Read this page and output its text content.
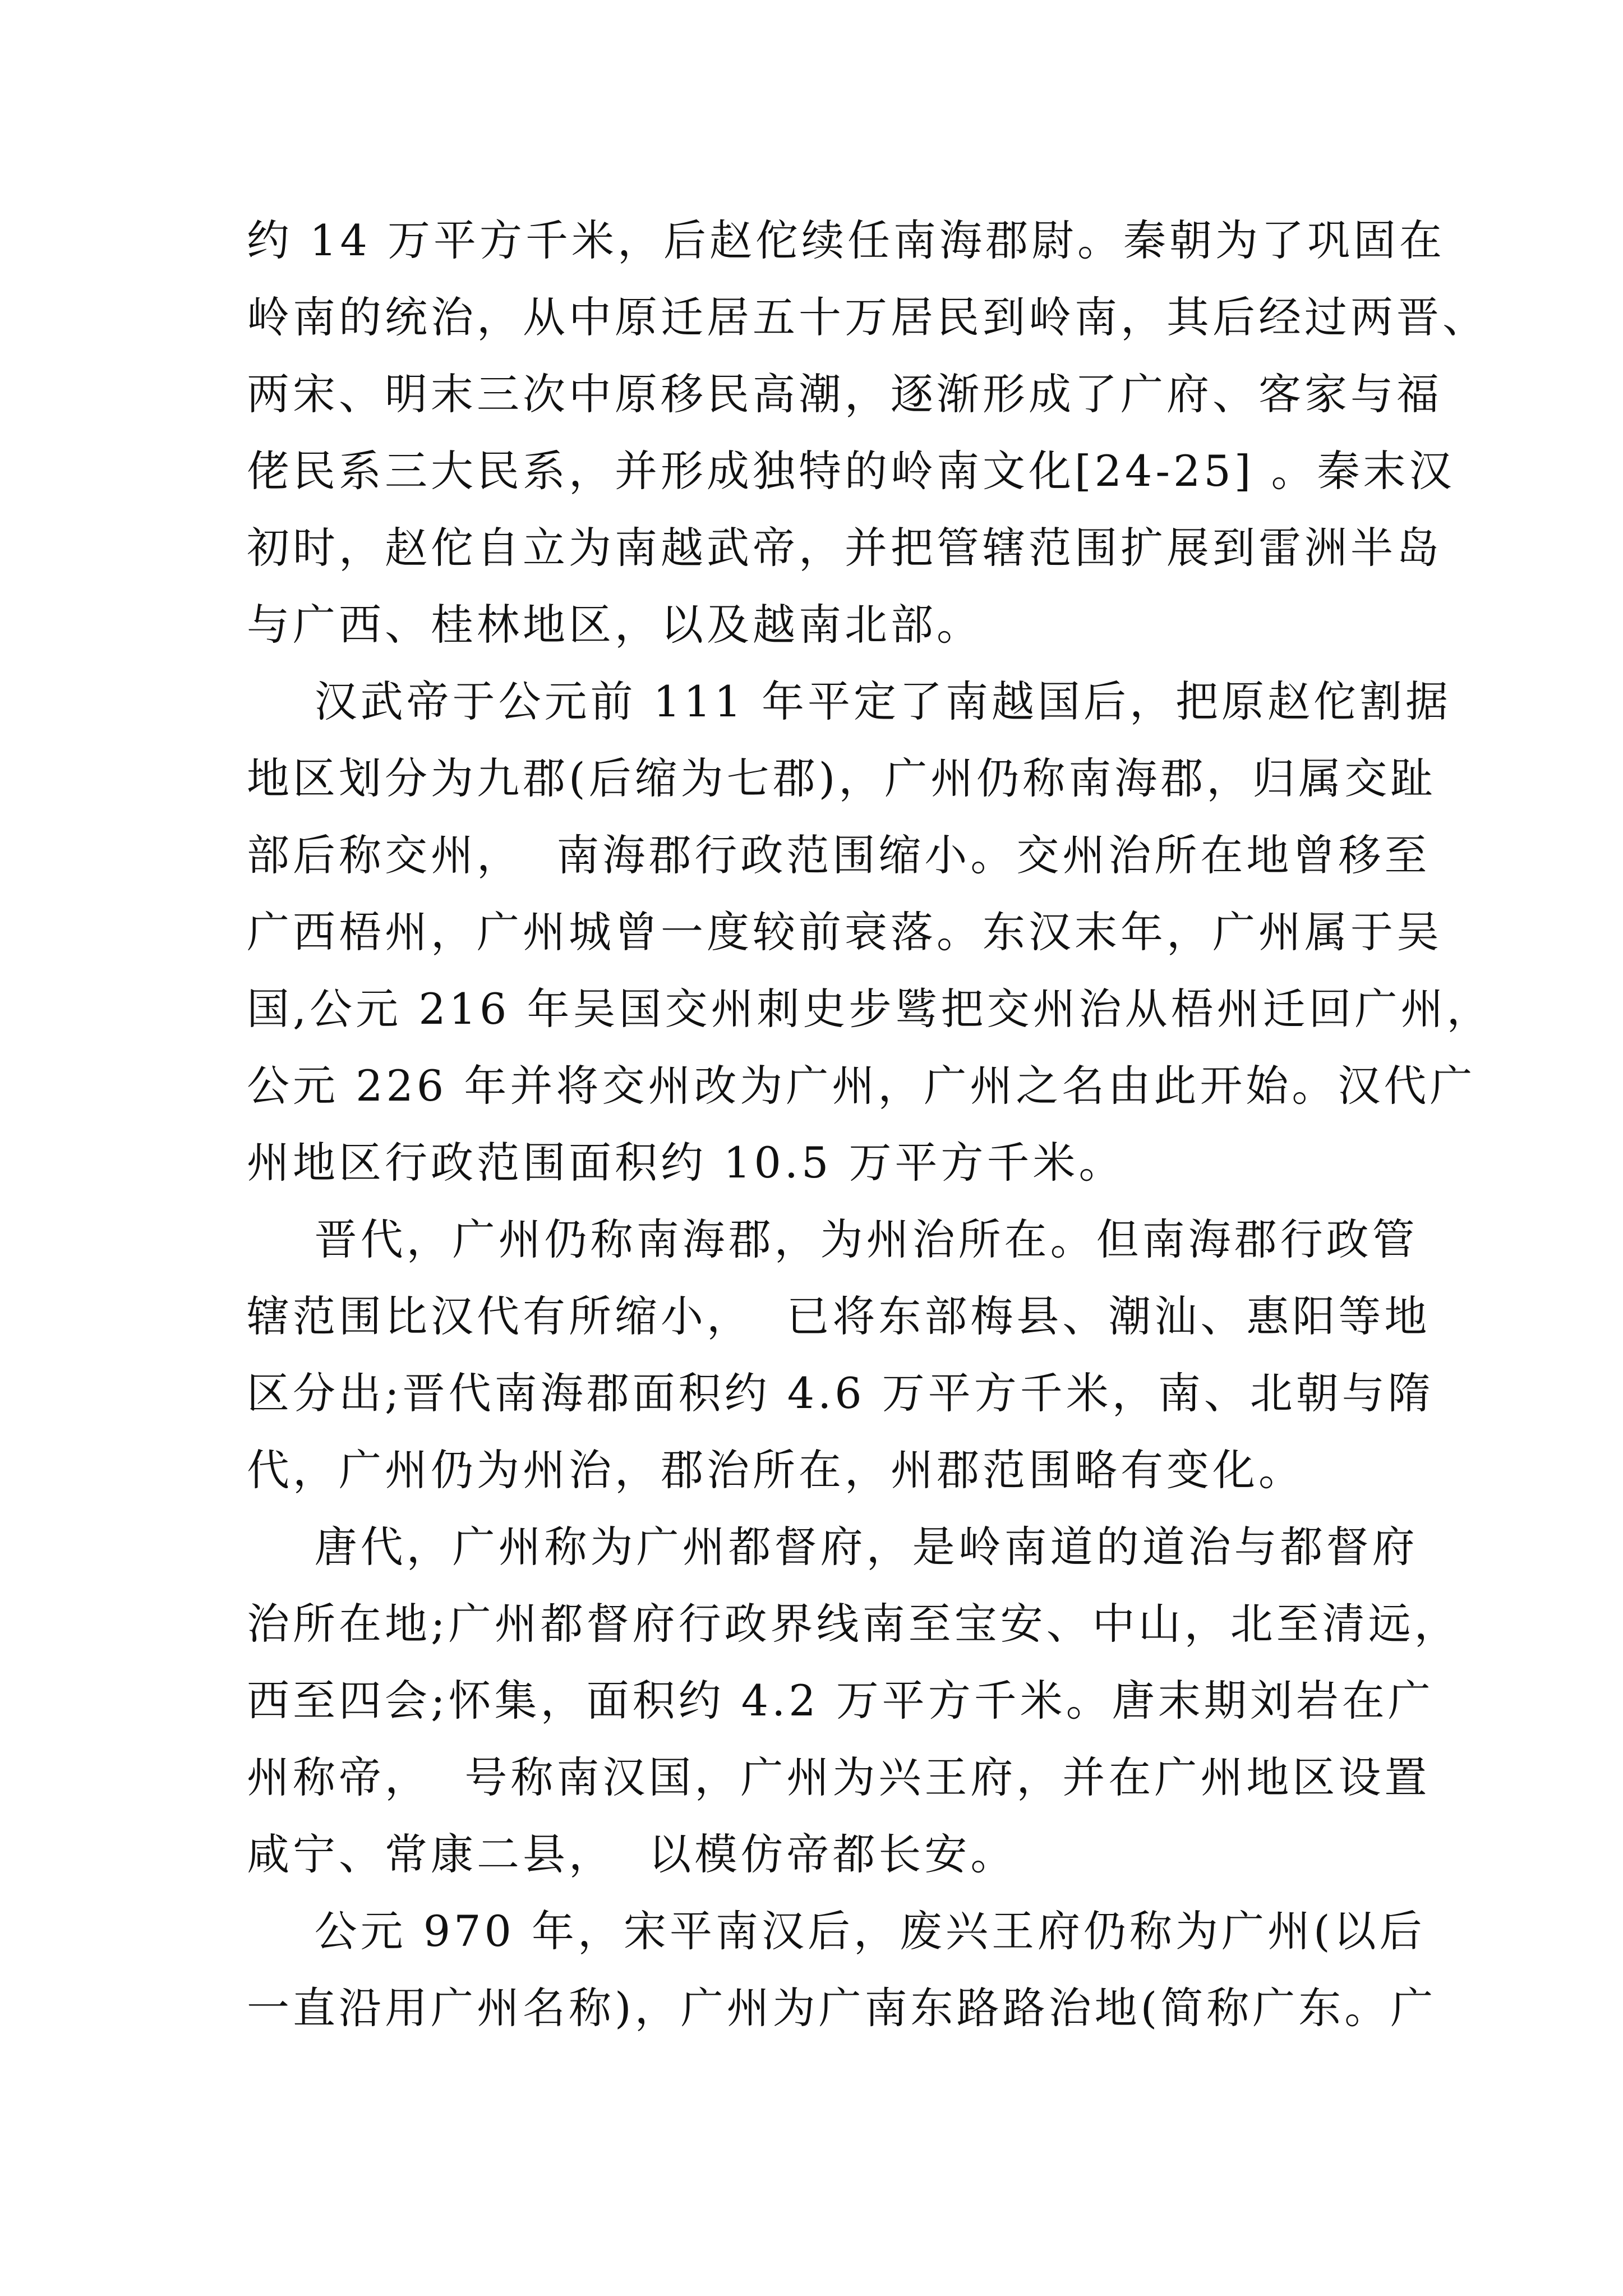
约 14 万平方千米，后赵佗续任南海郡尉。秦朝为了巩固在
岭南的统治，从中原迁居五十万居民到岭南，其后经过两晋、
两宋、明末三次中原移民高潮，逐渐形成了广府、客家与福
佬民系三大民系，并形成独特的岭南文化[24-25] 。秦末汉
初时，赵佗自立为南越武帝，并把管辖范围扩展到雷洲半岛
与广西、桂林地区，以及越南北部。
汉武帝于公元前 111 年平定了南越国后，把原赵佗割据
地区划分为九郡(后缩为七郡)，广州仍称南海郡，归属交趾
部后称交州，  南海郡行政范围缩小。交州治所在地曾移至
广西梧州，广州城曾一度较前衰落。东汉末年，广州属于吴
国,公元 216 年吴国交州刺史步骘把交州治从梧州迁回广州，
公元 226 年并将交州改为广州，广州之名由此开始。汉代广
州地区行政范围面积约 10.5 万平方千米。
晋代，广州仍称南海郡，为州治所在。但南海郡行政管
辖范围比汉代有所缩小，  已将东部梅县、潮汕、惠阳等地
区分出;晋代南海郡面积约 4.6 万平方千米，南、北朝与隋
代，广州仍为州治，郡治所在，州郡范围略有变化。
唐代，广州称为广州都督府，是岭南道的道治与都督府
治所在地;广州都督府行政界线南至宝安、中山，北至清远，
西至四会;怀集，面积约 4.2 万平方千米。唐末期刘岩在广
州称帝，  号称南汉国，广州为兴王府，并在广州地区设置
咸宁、常康二县，  以模仿帝都长安。
公元 970 年，宋平南汉后，废兴王府仍称为广州(以后
一直沿用广州名称)，广州为广南东路路治地(简称广东。广
